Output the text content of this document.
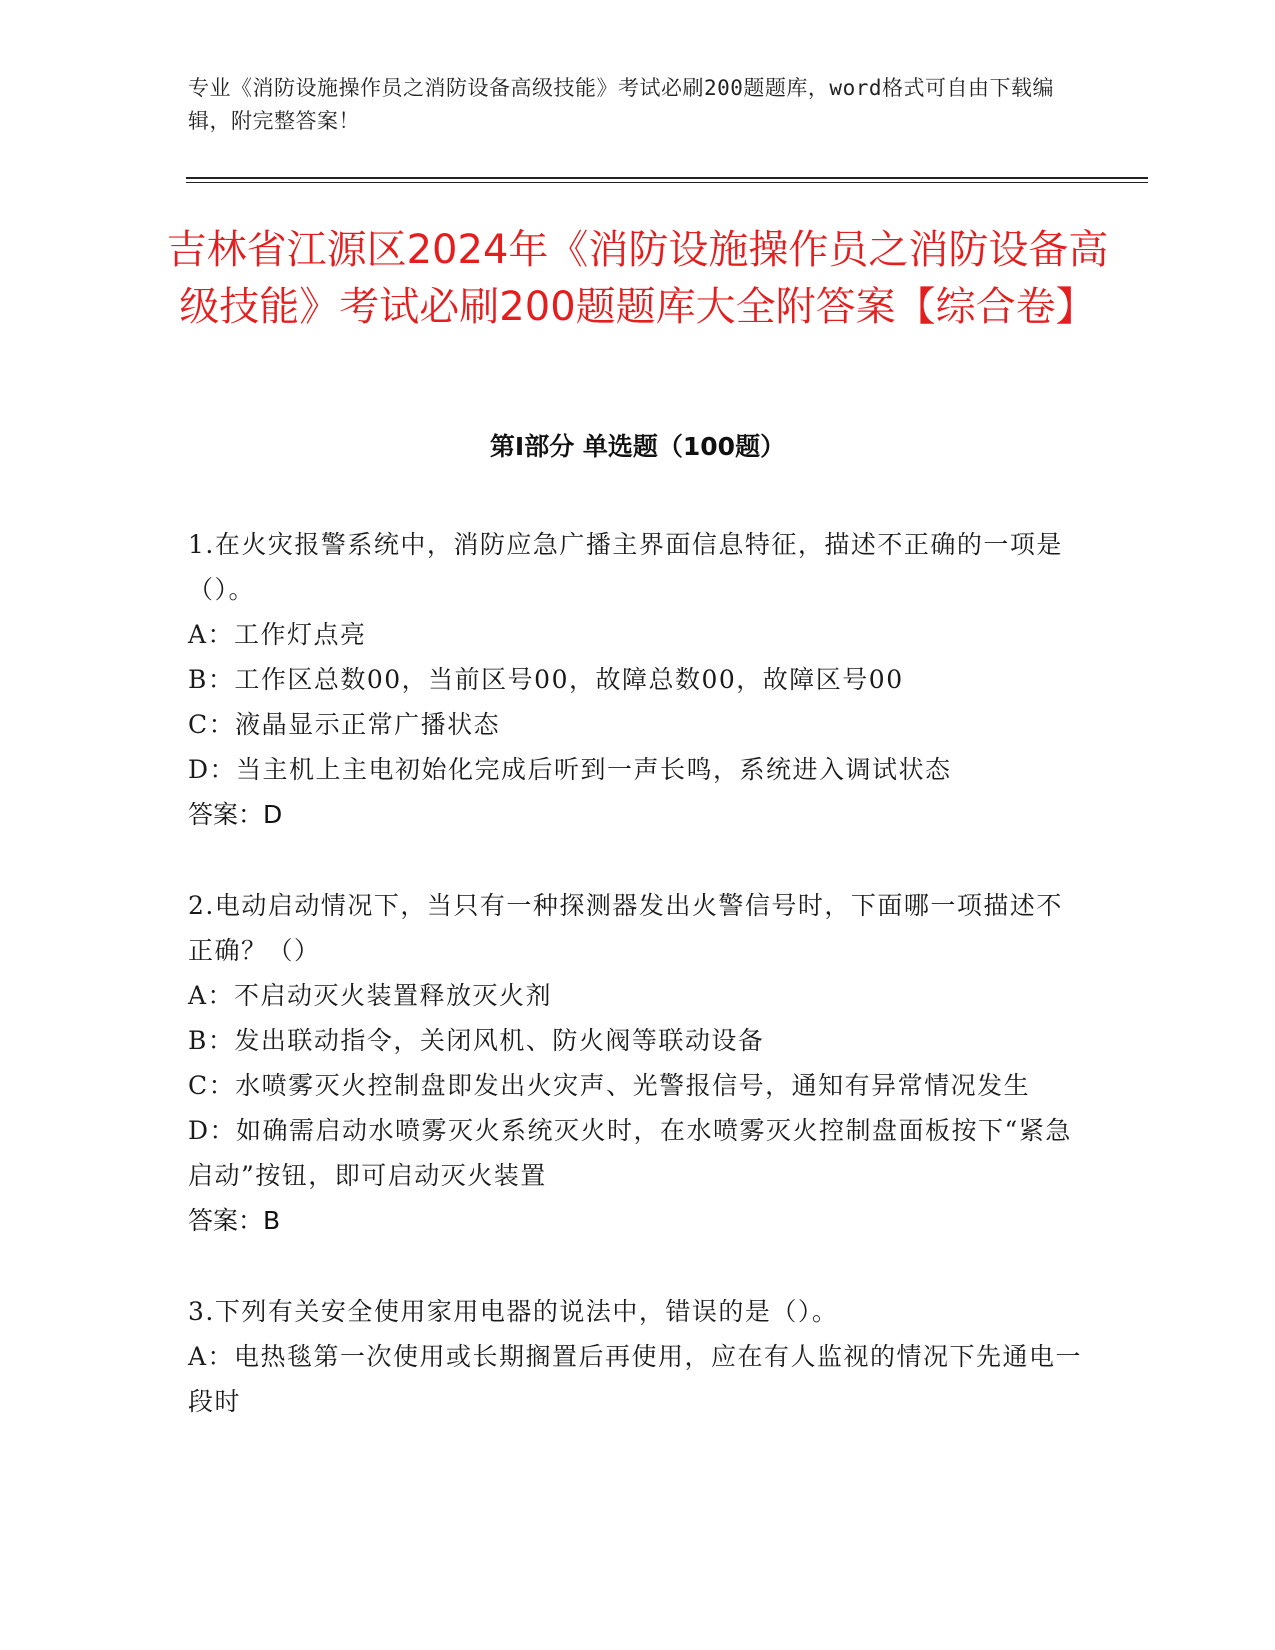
专业《消防设施操作员之消防设备高级技能》考试必刷200题题库，word格式可自由下载编辑，附完整答案！
吉林省江源区2024年《消防设施操作员之消防设备高级技能》考试必刷200题题库大全附答案【综合卷】
第Ⅰ部分 单选题（100题）

1.在火灾报警系统中，消防应急广播主界面信息特征，描述不正确的一项是（）。

A：工作灯点亮

B：工作区总数00，当前区号00，故障总数00，故障区号00

C：液晶显示正常广播状态

D：当主机上主电初始化完成后听到一声长鸣，系统进入调试状态

答案：D

2.电动启动情况下，当只有一种探测器发出火警信号时，下面哪一项描述不正确？（）

A：不启动灭火装置释放灭火剂

B：发出联动指令，关闭风机、防火阀等联动设备

C：水喷雾灭火控制盘即发出火灾声、光警报信号，通知有异常情况发生

D：如确需启动水喷雾灭火系统灭火时，在水喷雾灭火控制盘面板按下“紧急启动”按钮，即可启动灭火装置

答案：B

3.下列有关安全使用家用电器的说法中，错误的是（）。

A：电热毯第一次使用或长期搁置后再使用，应在有人监视的情况下先通电一段时
